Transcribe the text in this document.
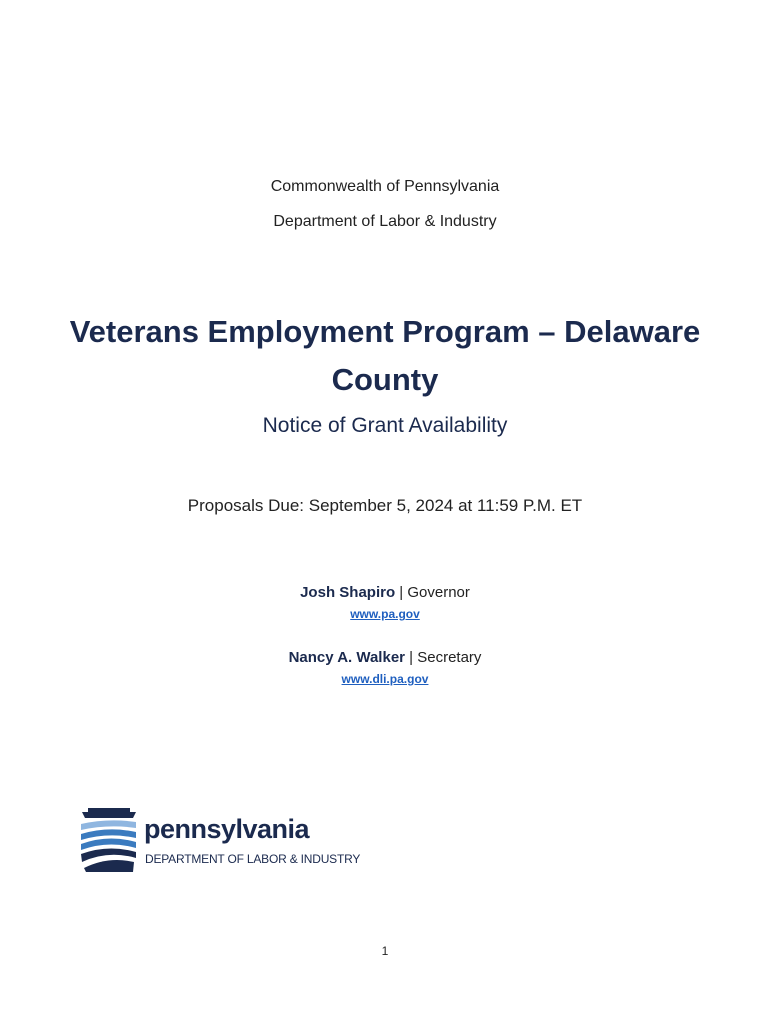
Commonwealth of Pennsylvania
Department of Labor & Industry
Veterans Employment Program – Delaware County
Notice of Grant Availability
Proposals Due: September 5, 2024 at 11:59 P.M. ET
Josh Shapiro | Governor
www.pa.gov
Nancy A. Walker | Secretary
www.dli.pa.gov
pennsylvania
DEPARTMENT OF LABOR & INDUSTRY
1
